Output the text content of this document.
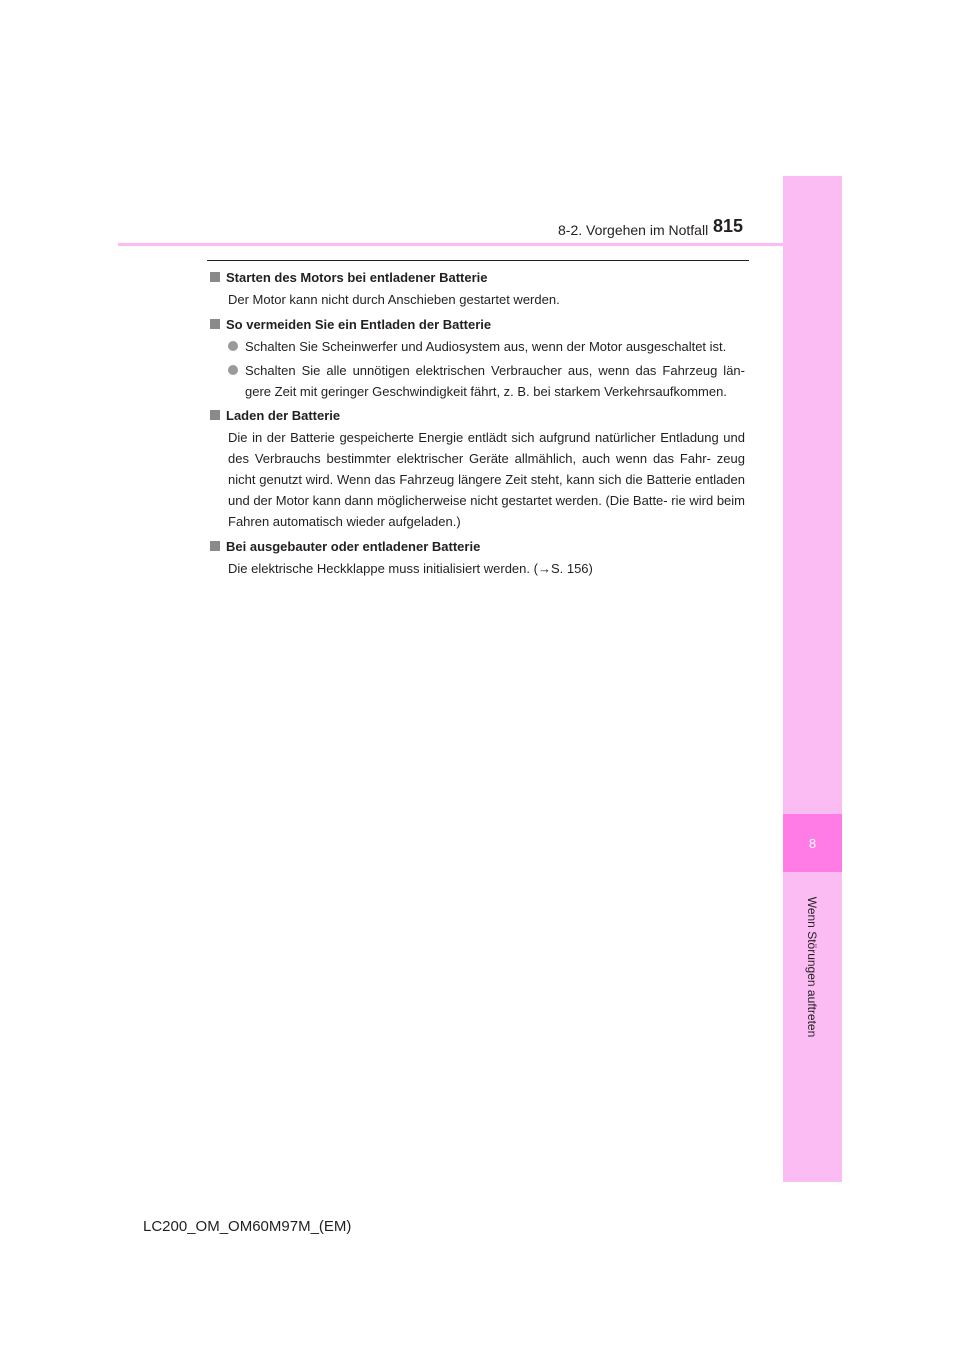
8
Wenn Störungen auftreten
8-2. Vorgehen im Notfall 815
Starten des Motors bei entladener Batterie
Der Motor kann nicht durch Anschieben gestartet werden.
So vermeiden Sie ein Entladen der Batterie
Schalten Sie Scheinwerfer und Audiosystem aus, wenn der Motor ausgeschaltet ist.
Schalten Sie alle unnötigen elektrischen Verbraucher aus, wenn das Fahrzeug län- gere Zeit mit geringer Geschwindigkeit fährt, z. B. bei starkem Verkehrsaufkommen.
Laden der Batterie
Die in der Batterie gespeicherte Energie entlädt sich aufgrund natürlicher Entladung und des Verbrauchs bestimmter elektrischer Geräte allmählich, auch wenn das Fahr- zeug nicht genutzt wird. Wenn das Fahrzeug längere Zeit steht, kann sich die Batterie entladen und der Motor kann dann möglicherweise nicht gestartet werden. (Die Batte- rie wird beim Fahren automatisch wieder aufgeladen.)
Bei ausgebauter oder entladener Batterie
Die elektrische Heckklappe muss initialisiert werden. (→S. 156)
LC200_OM_OM60M97M_(EM)
